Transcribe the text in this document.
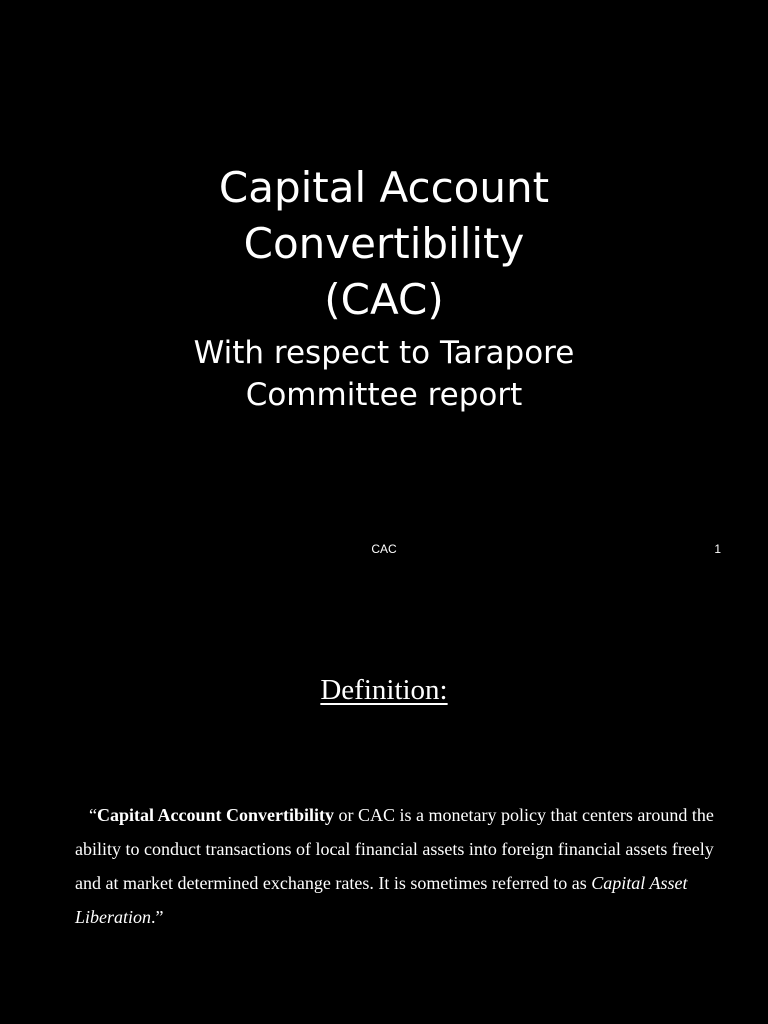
Capital Account
Convertibility
(CAC)
With respect to Tarapore
Committee report
CAC	1
Definition:
“Capital Account Convertibility or CAC is a monetary policy that centers around the ability to conduct transactions of local financial assets into foreign financial assets freely and at market determined exchange rates. It is sometimes referred to as Capital Asset Liberation.”
